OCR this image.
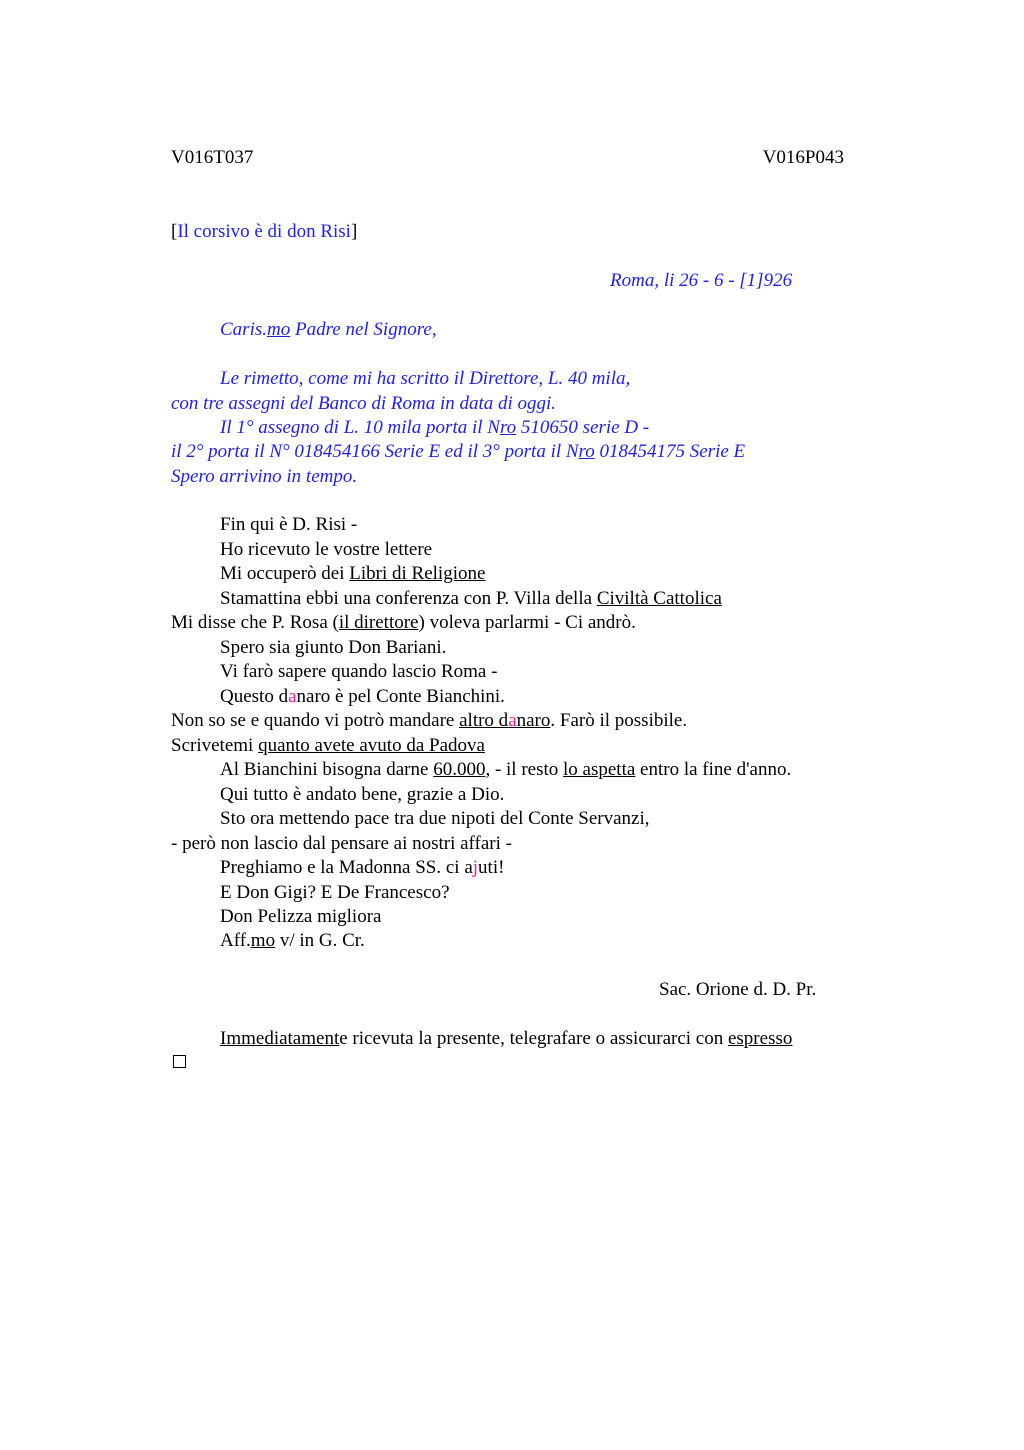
V016T037	V016P043
[Il corsivo è di don Risi]
Roma, li 26 - 6 - [1]926
Caris.mo Padre nel Signore,
Le rimetto, come mi ha scritto il Direttore, L. 40 mila,
con tre assegni del Banco di Roma in data di oggi.
Il 1° assegno di L. 10 mila porta il Nro 510650 serie D -
il 2° porta il N° 018454166 Serie E ed il 3° porta il Nro 018454175 Serie E
Spero arrivino in tempo.
Fin qui è D. Risi -
Ho ricevuto le vostre lettere
Mi occuperò dei Libri di Religione
Stamattina ebbi una conferenza con P. Villa della Civiltà Cattolica
Mi disse che P. Rosa (il direttore) voleva parlarmi - Ci andrò.
Spero sia giunto Don Bariani.
Vi farò sapere quando lascio Roma -
Questo danaro è pel Conte Bianchini.
Non so se e quando vi potrò mandare altro danaro. Farò il possibile.
Scrivetemi quanto avete avuto da Padova
Al Bianchini bisogna darne 60.000, - il resto lo aspetta entro la fine d'anno.
Qui tutto è andato bene, grazie a Dio.
Sto ora mettendo pace tra due nipoti del Conte Servanzi,
- però non lascio dal pensare ai nostri affari -
Preghiamo e la Madonna SS. ci ajuti!
E Don Gigi? E De Francesco?
Don Pelizza migliora
Aff.mo v/ in G. Cr.
Sac. Orione d. D. Pr.
Immediatamente ricevuta la presente, telegrafare o assicurarci con espresso
